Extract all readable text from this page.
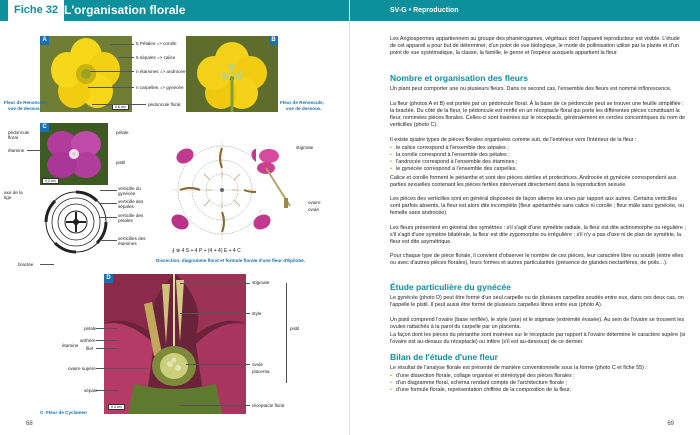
Fiche 32 L'organisation florale
A
0,6 cm
5 Pétales => corolle
5 sépales => calice
n étamines => androcée
n carpelles => gynécée
pédoncule floral
Fleur de Renoncule,
vue de dessus.
B
Fleur de Renoncule,
vue de dessous.
C
0,2 cm
bractée
pédoncule floral
étamine
axe de la tige
pétale
pistil
verticille du gynécée
verticille des sépales
verticille des pétales
verticilles des étamines
ovaire
ovule
stigmate
∮ ⊕ 4 S + 4 P + (4 + 4) E + 4 C
Dissection, diagramme floral et formule florale d'une fleur d'Épilobe.
D
0,4 cm
pétale
étamine
anthère
filet
ovaire supère
sépale
stigmate
style
pistil
ovule
placenta
réceptacle floral
C Fleur de Cyclamen
68
SV-G • Reproduction
Les Angiospermes appartiennent au groupe des phanérogames, végétaux dont l'appareil reproducteur est visible. L'étude de cet appareil a pour but de déterminer, d'un point de vue biologique, le mode de pollinisation utilisé par la plante et d'un point de vue systématique, la classe, la famille, le genre et l'espèce auxquels appartient la fleur.
Nombre et organisation des fleurs
Un plant peut comporter une ou plusieurs fleurs. Dans ce second cas, l'ensemble des fleurs est nommé inflorescence.
La fleur (photos A et B) est portée par un pédoncule floral. À la base de ce pédoncule peut se trouver une feuille simplifiée : la bractée. Du côté de la fleur, le pédoncule est renflé en un réceptacle floral qui porte les différentes pièces constituant la fleur, nommées pièces florales. Celles-ci sont insérées sur le réceptacle, généralement en cercles concentriques du nom de verticilles (photo C).
Il existe quatre types de pièces florales organisées comme suit, de l'extérieur vers l'intérieur de la fleur :
• le calice correspond à l'ensemble des sépales ;
• la corolle correspond à l'ensemble des pétales ;
• l'androcée correspond à l'ensemble des étamines ;
• le gynécée correspond à l'ensemble des carpelles.
Calice et corolle forment le périanthe et sont des pièces stériles et protectrices. Androcée et gynécée correspondent aux parties sexuelles contenant les pièces fertiles intervenant directement dans la reproduction sexuée.
Les pièces des verticilles sont en général disposées de façon alterne les unes par rapport aux autres. Certains verticilles sont parfois absents, la fleur est alors dite incomplète (fleur apérianthée sans calice ni corolle ; fleur mâle sans gynécée, ou femelle sans androcée).
Les fleurs présentent en général des symétries : s'il s'agit d'une symétrie radiale, la fleur est dite actinomorphe ou régulière ; s'il s'agit d'une symétrie bilatérale, la fleur est dite zygomorphe ou irrégulière ; s'il n'y a pas d'axe ni de plan de symétrie, la fleur est dite asymétrique.
Pour chaque type de pièce florale, il convient d'observer le nombre de ces pièces, leur caractère libre ou soudé (entre elles ou avec d'autres pièces florales), leurs formes et autres particularités (présence de glandes nectarifères, de poils…).
Étude particulière du gynécée
Le gynécée (photo D) peut être formé d'un seul carpelle ou de plusieurs carpelles soudés entre eux, dans ces deux cas, on l'appelle le pistil. Il peut aussi être formé de plusieurs carpelles libres entre eux (photo A).
Un pistil comprend l'ovaire (base renflée), le style (axe) et le stigmate (extrémité évasée). Au sein de l'ovaire se trouvent les ovules rattachés à la paroi du carpelle par un placenta.
La façon dont les pièces du périanthe sont insérées sur le réceptacle par rapport à l'ovaire détermine le caractère supère (si l'ovaire est au-dessus du réceptacle) ou infère (s'il est au-dessous) de ce dernier.
Bilan de l'étude d'une fleur
Le résultat de l'analyse florale est présenté de manière conventionnelle sous la forme (photo C et fiche 55) :
• d'une dissection florale, collage organisé et stéréotypé des pièces florales ;
• d'un diagramme floral, schéma rendant compte de l'architecture florale ;
• d'une formule florale, représentation chiffrée de la composition de la fleur.
69
